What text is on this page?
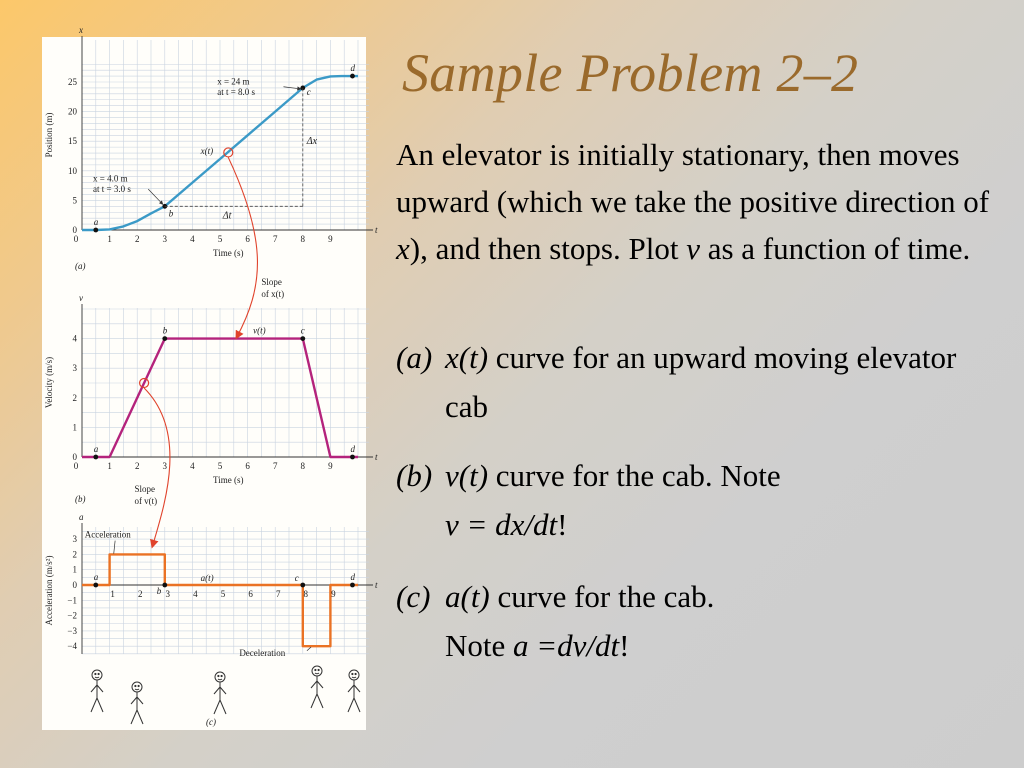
x
t
0
5
10
15
20
25
0	1	2	3	4	5	6	7	8	9
Position (m)
Time (s)
a
b
c
d
v
t
0
1
2
3
4
0	1	2	3	4	5	6	7	8	9
Velocity (m/s)
Time (s)
a
b	c
d
a
t
3
2
1
0
−1
−2
−3
−4
1	2	3	4	5	6	7	8	9
Acceleration (m/s²)	a
b
c	d
Δt
Δx
x = 4.0 m
at t = 3.0 s
x = 24 m
at t = 8.0 s
x(t)
(a)
Slope
of x(t)
v(t)
(b)
Slope
of v(t)
a(t)
Acceleration
Deceleration
(c)
Sample Problem 2–2

An elevator is initially stationary, then moves upward (which we take the positive direction of x), and then stops. Plot v as a function of time.

(a) x(t) curve for an upward moving elevator cab
(b) v(t) curve for the cab. Note
v = dx/dt!
(c) a(t) curve for the cab.
Note a =dv/dt!
